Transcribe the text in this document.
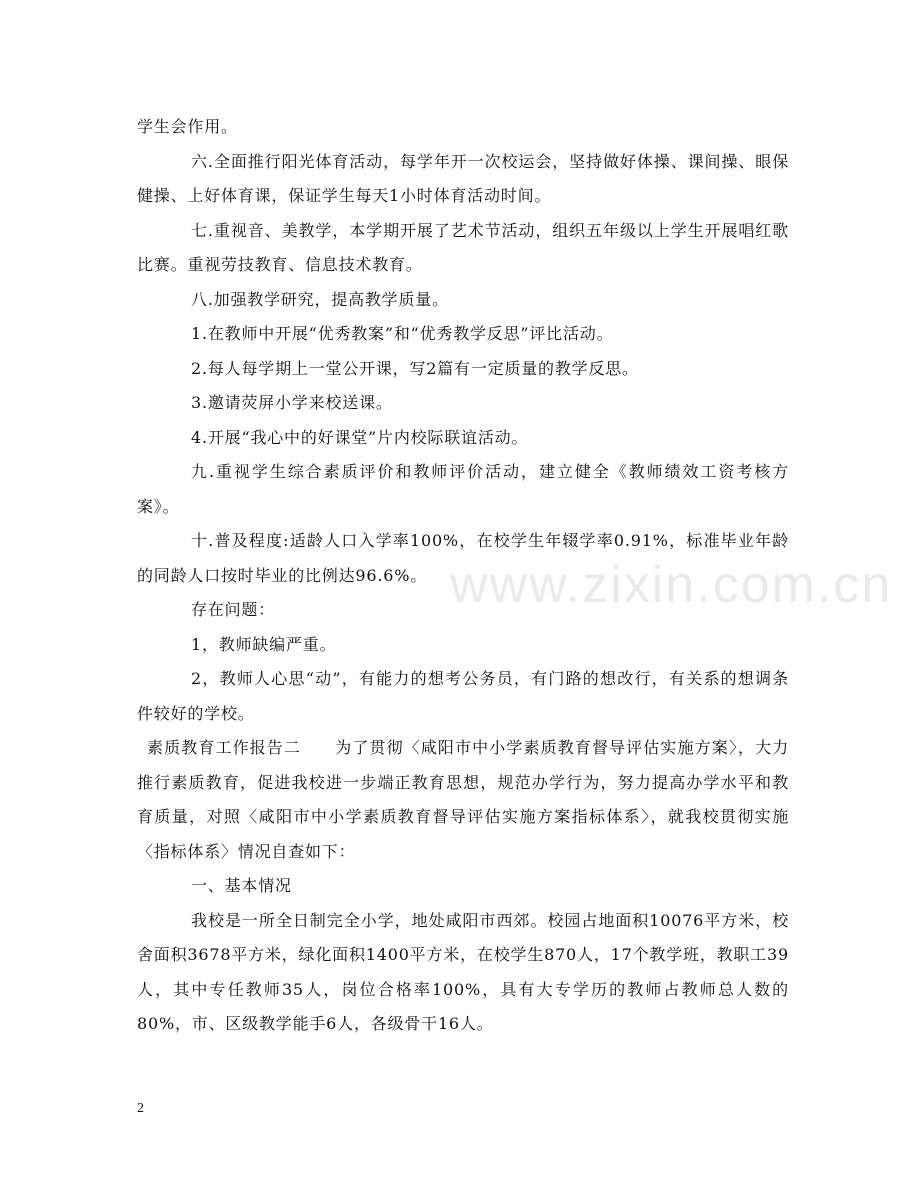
www.zixin.com.cn

学生会作用。

六.全面推行阳光体育活动，每学年开一次校运会，坚持做好体操、课间操、眼保健操、上好体育课，保证学生每天1小时体育活动时间。

七.重视音、美教学，本学期开展了艺术节活动，组织五年级以上学生开展唱红歌比赛。重视劳技教育、信息技术教育。

八.加强教学研究，提高教学质量。

1.在教师中开展“优秀教案”和“优秀教学反思”评比活动。

2.每人每学期上一堂公开课，写2篇有一定质量的教学反思。

3.邀请荧屏小学来校送课。

4.开展“我心中的好课堂”片内校际联谊活动。

九.重视学生综合素质评价和教师评价活动，建立健全《教师绩效工资考核方案》。

十.普及程度:适龄人口入学率100%，在校学生年辍学率0.91%，标准毕业年龄的同龄人口按时毕业的比例达96.6%。

存在问题：

1，教师缺编严重。

2，教师人心思“动”，有能力的想考公务员，有门路的想改行，有关系的想调条件较好的学校。

素质教育工作报告二　　为了贯彻〈咸阳市中小学素质教育督导评估实施方案〉，大力推行素质教育，促进我校进一步端正教育思想，规范办学行为，努力提高办学水平和教育质量，对照〈咸阳市中小学素质教育督导评估实施方案指标体系〉，就我校贯彻实施〈指标体系〉情况自查如下：

一、基本情况

我校是一所全日制完全小学，地处咸阳市西郊。校园占地面积10076平方米，校舍面积3678平方米，绿化面积1400平方米，在校学生870人，17个教学班，教职工39人，其中专任教师35人，岗位合格率100%，具有大专学历的教师占教师总人数的80%，市、区级教学能手6人，各级骨干16人。

2
